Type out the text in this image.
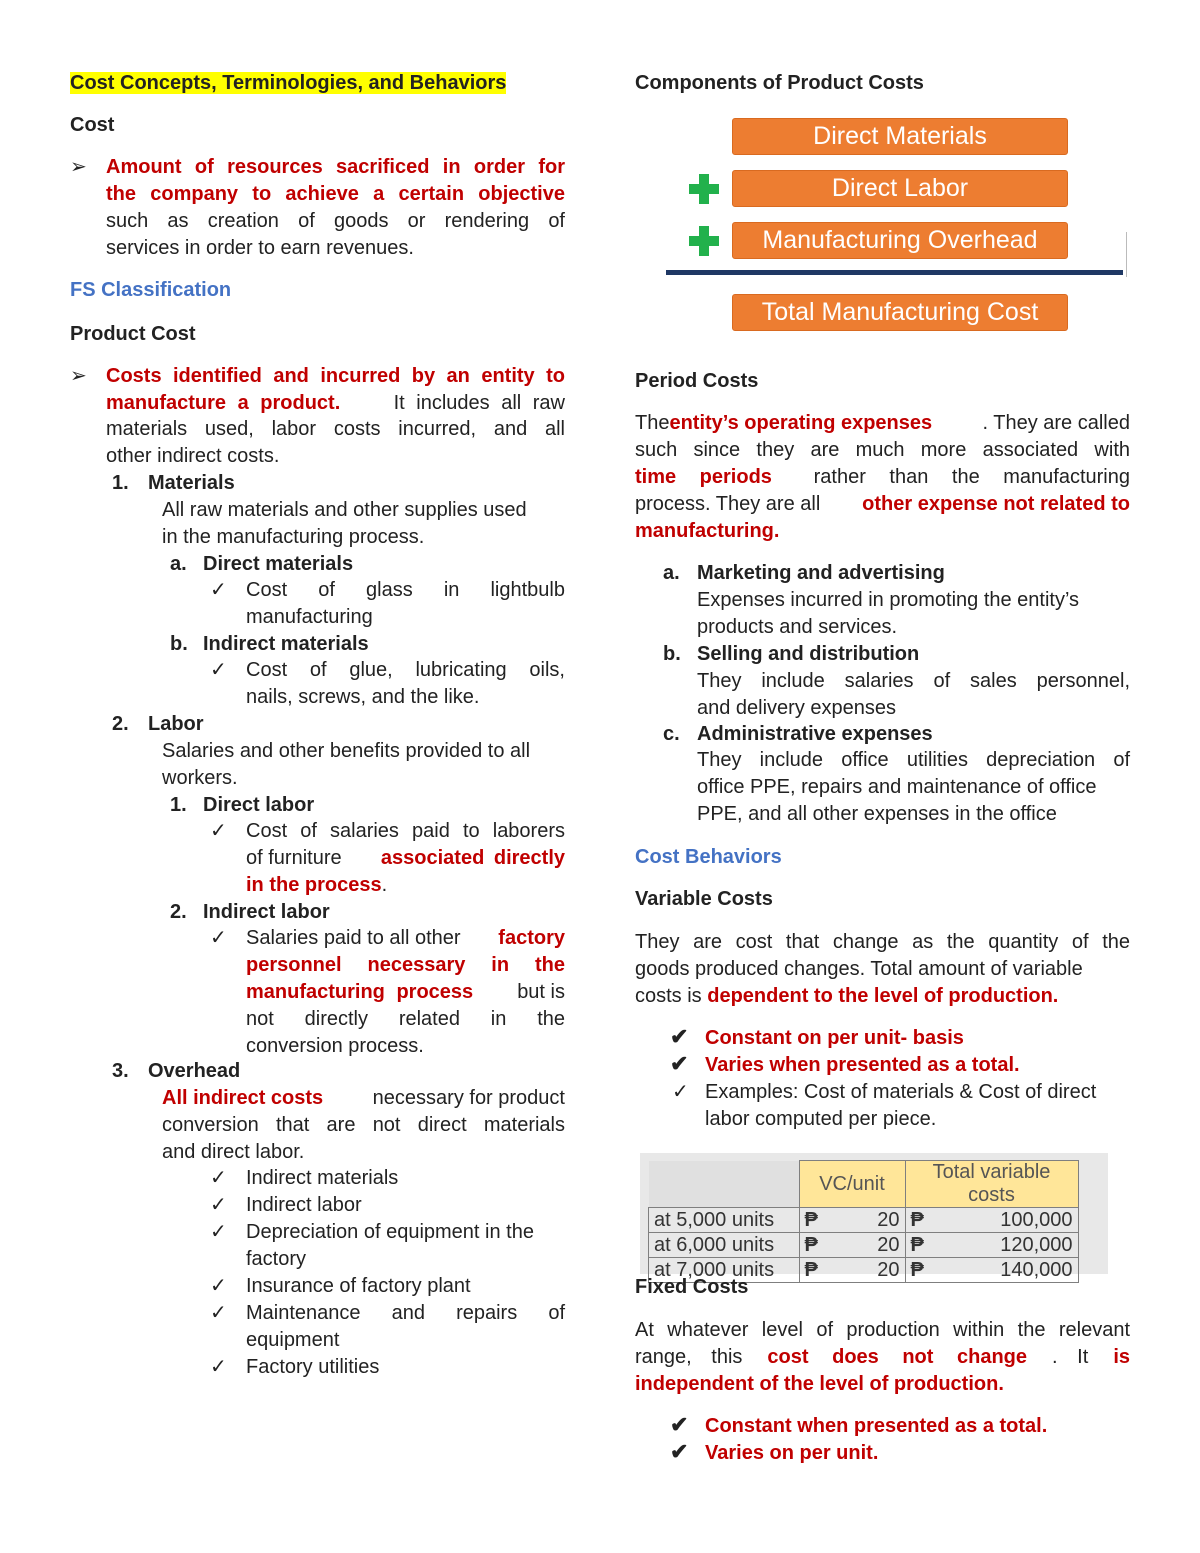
Cost Concepts, Terminologies, and Behaviors
Cost
➢ Amount of resources sacrificed in order for
the company to achieve a certain objective
such as creation of goods or rendering of
services in order to earn revenues.
FS Classification
Product Cost
➢ Costs identified and incurred by an entity to
manufacture a product.	It includes all raw
materials used, labor costs incurred, and all
other indirect costs.
1. Materials
All raw materials and other supplies used
in the manufacturing process.
a. Direct materials
✓ Cost of glass in lightbulb
manufacturing
b. Indirect materials
✓ Cost of glue, lubricating oils,
nails, screws, and the like.
2. Labor
Salaries and other benefits provided to all
workers.
1. Direct labor
✓ Cost of salaries paid to laborers
of furniture associated directly
in the process.
2. Indirect labor
✓ Salaries paid to all other factory
personnel necessary in the
manufacturing process but is
not directly related in the
conversion process.
3. Overhead
All indirect costs necessary for product
conversion that are not direct materials
and direct labor.
✓ Indirect materials
✓ Indirect labor
✓ Depreciation of equipment in the
factory
✓ Insurance of factory plant
✓ Maintenance and repairs of
equipment
✓ Factory utilities
Components of Product Costs
Direct Materials
Direct Labor
Manufacturing Overhead
Total Manufacturing Cost
Period Costs
The entity’s operating expenses	. They are called
such since they are much more associated with
time periods rather than the manufacturing
process. They are all other expense not related to
manufacturing.
a. Marketing and advertising
Expenses incurred in promoting the entity’s
products and services.
b. Selling and distribution
They include salaries of sales personnel,
and delivery expenses
c. Administrative expenses
They include office utilities depreciation of
office PPE, repairs and maintenance of office
PPE, and all other expenses in the office
Cost Behaviors
Variable Costs
They are cost that change as the quantity of the
goods produced changes. Total amount of variable
costs is dependent to the level of production.
✔ Constant on per unit- basis
✔ Varies when presented as a total.
✓ Examples: Cost of materials & Cost of direct
labor computed per piece.
	VC/unit		Total variable costs	
at 5,000 units	₱	20	₱	100,000
at 6,000 units	₱	20	₱	120,000
at 7,000 units	₱	20	₱	140,000
Fixed Costs
At whatever level of production within the relevant
range, this cost does not change . It is
independent of the level of production.
✔ Constant when presented as a total.
✔ Varies on per unit.
